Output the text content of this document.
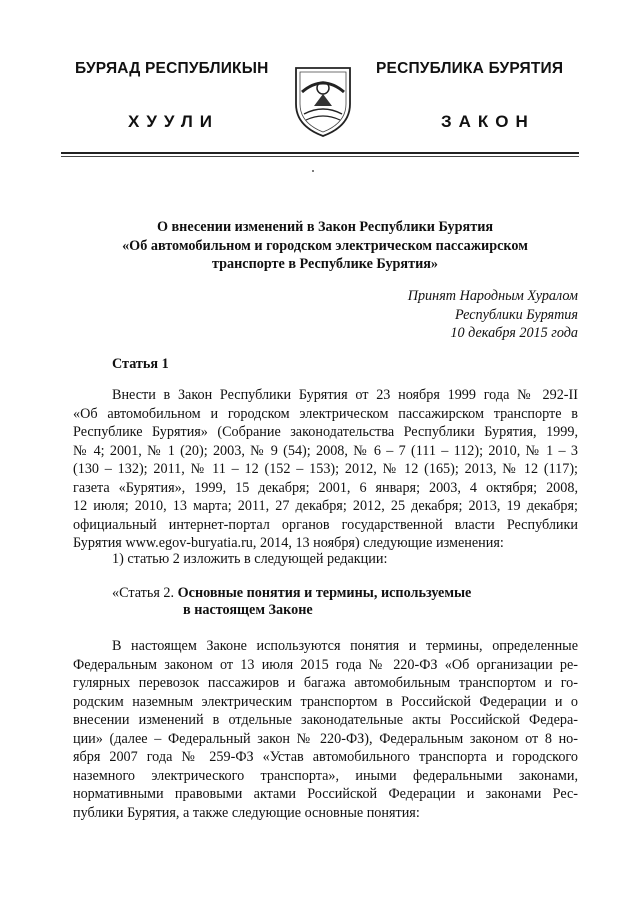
БУРЯАД РЕСПУБЛИКЫН	РЕСПУБЛИКА БУРЯТИЯ
ХУУЛИ	ЗАКОН
О внесении изменений в Закон Республики Бурятия
«Об автомобильном и городском электрическом пассажирском
транспорте в Республике Бурятия»
Принят Народным Хуралом
Республики Бурятия
10 декабря 2015 года
Статья 1
Внести в Закон Республики Бурятия от 23 ноября 1999 года № 292-II
«Об автомобильном и городском электрическом пассажирском транспорте в
Республике Бурятия» (Собрание законодательства Республики Бурятия, 1999,
№ 4; 2001, № 1 (20); 2003, № 9 (54); 2008, № 6 – 7 (111 – 112); 2010, № 1 – 3
(130 – 132); 2011, № 11 – 12 (152 – 153); 2012, № 12 (165); 2013, № 12 (117);
газета «Бурятия», 1999, 15 декабря; 2001, 6 января; 2003, 4 октября; 2008,
12 июля; 2010, 13 марта; 2011, 27 декабря; 2012, 25 декабря; 2013, 19 декабря;
официальный интернет-портал органов государственной власти Республики
Бурятия www.egov-buryatia.ru, 2014, 13 ноября) следующие изменения:
1) статью 2 изложить в следующей редакции:
«Статья 2. Основные понятия и термины, используемые
в настоящем Законе
В настоящем Законе используются понятия и термины, определенные
Федеральным законом от 13 июля 2015 года № 220-ФЗ «Об организации ре-
гулярных перевозок пассажиров и багажа автомобильным транспортом и го-
родским наземным электрическим транспортом в Российской Федерации и о
внесении изменений в отдельные законодательные акты Российской Федера-
ции» (далее – Федеральный закон № 220-ФЗ), Федеральным законом от 8 но-
ября 2007 года № 259-ФЗ «Устав автомобильного транспорта и городского
наземного электрического транспорта», иными федеральными законами,
нормативными правовыми актами Российской Федерации и законами Рес-
публики Бурятия, а также следующие основные понятия:
